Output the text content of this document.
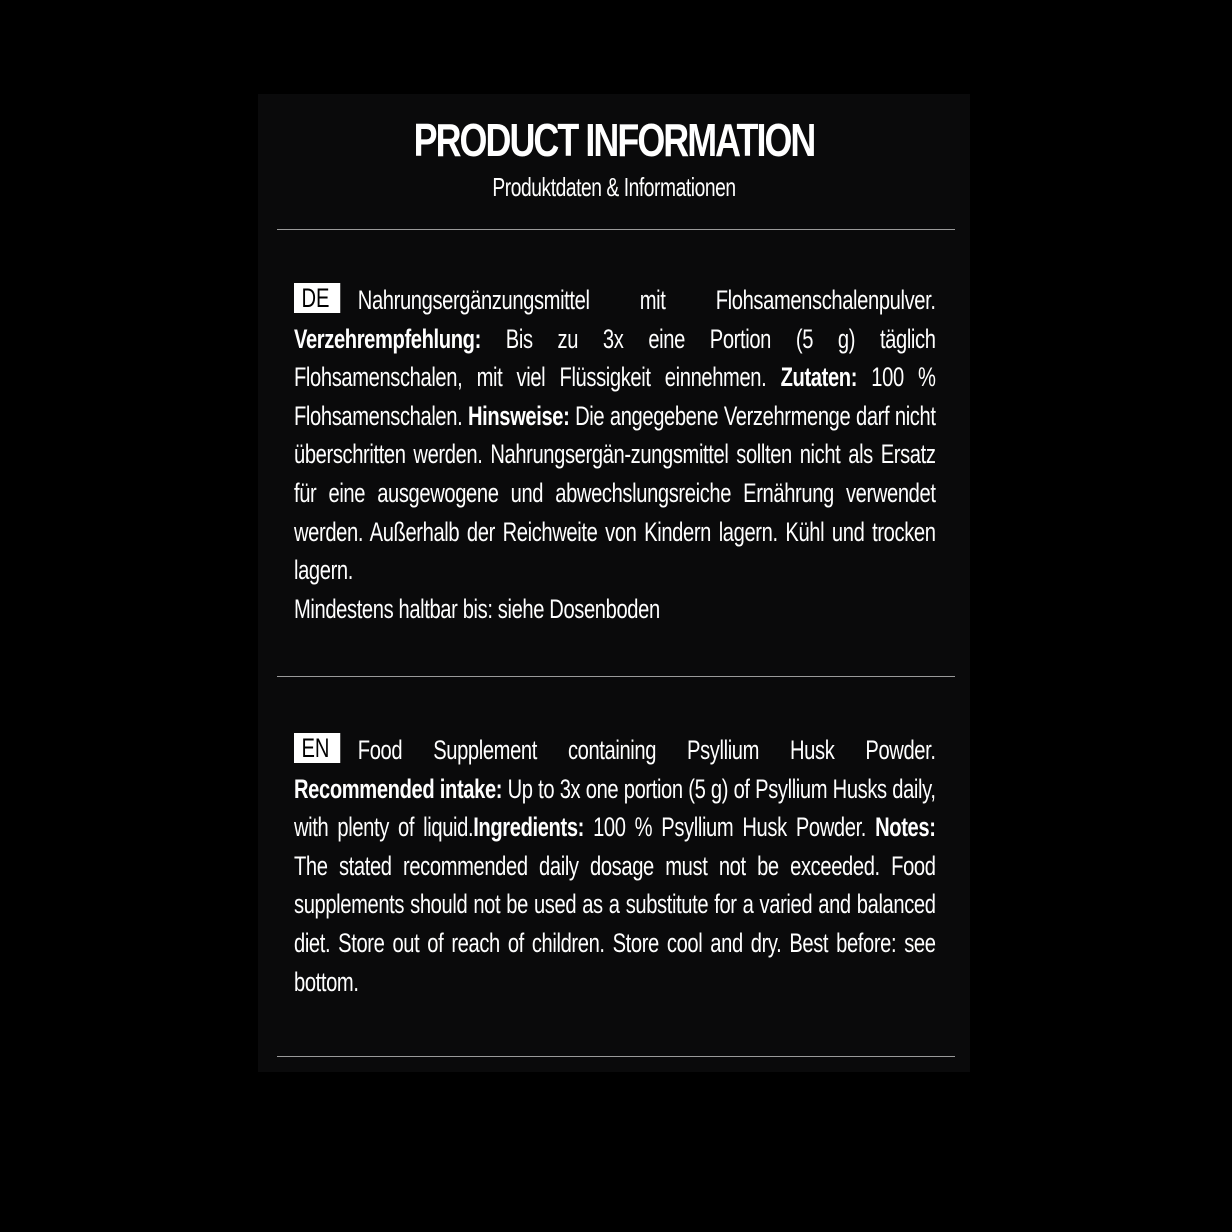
PRODUCT INFORMATION
Produktdaten & Informationen

DE Nahrungsergänzungsmittel mit Flohsamenschalenpulver. Verzehrempfehlung: Bis zu 3x eine Portion (5 g) täglich Flohsamenschalen, mit viel Flüssigkeit einnehmen. Zutaten: 100 % Flohsamenschalen. Hinsweise: Die angegebene Verzehrmenge darf nicht überschritten werden. Nahrungsergän-zungsmittel sollten nicht als Ersatz für eine ausgewogene und abwechslungsreiche Ernährung verwendet werden. Außerhalb der Reichweite von Kindern lagern. Kühl und trocken lagern.

Mindestens haltbar bis: siehe Dosenboden

EN Food Supplement containing Psyllium Husk Powder. Recommended intake: Up to 3x one portion (5 g) of Psyllium Husks daily, with plenty of liquid.Ingredients: 100 % Psyllium Husk Powder. Notes: The stated recommended daily dosage must not be exceeded. Food supplements should not be used as a substitute for a varied and balanced diet. Store out of reach of children. Store cool and dry. Best before: see bottom.
